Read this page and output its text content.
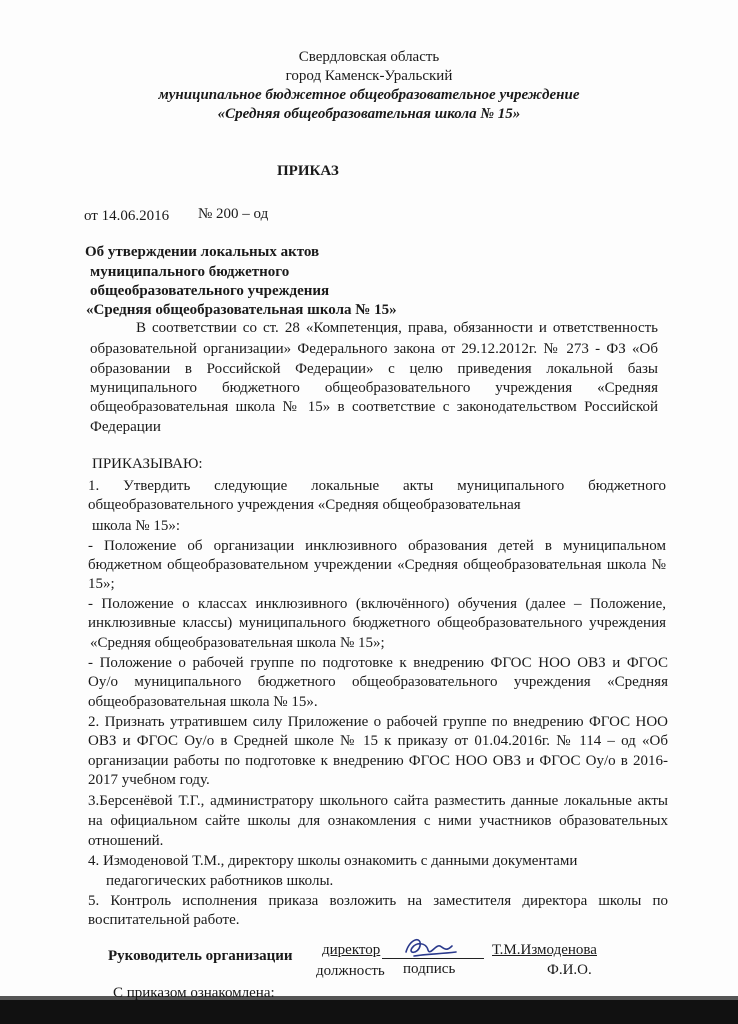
Свердловская область
город Каменск-Уральский
муниципальное бюджетное общеобразовательное учреждение
«Средняя общеобразовательная школа № 15»
ПРИКАЗ
от 14.06.2016 № 200 – од
Об утверждении локальных актов
муниципального бюджетного
общеобразовательного учреждения
«Средняя общеобразовательная школа № 15»
В соответствии со ст. 28 «Компетенция, права, обязанности и ответственность
образовательной организации» Федерального закона от 29.12.2012г. № 273 - ФЗ «Об
образовании в Российской Федерации» с целю приведения локальной базы
муниципального бюджетного общеобразовательного учреждения «Средняя
общеобразовательная школа № 15» в соответствие с законодательством Российской
Федерации
ПРИКАЗЫВАЮ:
1. Утвердить следующие локальные акты муниципального бюджетного
общеобразовательного учреждения «Средняя общеобразовательная
школа № 15»:
- Положение об организации инклюзивного образования детей в муниципальном
бюджетном общеобразовательном учреждении «Средняя общеобразовательная школа №
15»;
- Положение о классах инклюзивного (включённого) обучения (далее – Положение,
инклюзивные классы) муниципального бюджетного общеобразовательного учреждения
«Средняя общеобразовательная школа № 15»;
- Положение о рабочей группе по подготовке к внедрению ФГОС НОО ОВЗ и ФГОС
Оу/о муниципального бюджетного общеобразовательного учреждения «Средняя
общеобразовательная школа № 15».
2. Признать утратившем силу Приложение о рабочей группе по внедрению ФГОС НОО
ОВЗ и ФГОС Оу/о в Средней школе № 15 к приказу от 01.04.2016г. № 114 – од «Об
организации работы по подготовке к внедрению ФГОС НОО ОВЗ и ФГОС Оу/о в 2016-
2017 учебном году.
3.Берсенёвой Т.Г., администратору школьного сайта разместить данные локальные акты
на официальном сайте школы для ознакомления с ними участников образовательных
отношений.
4. Измоденовой Т.М., директору школы ознакомить с данными документами
педагогических работников школы.
5. Контроль исполнения приказа возложить на заместителя директора школы по
воспитательной работе.
Руководитель организации директор	Т.М.Измоденова
должность подпись	Ф.И.О.
С приказом ознакомлена:
